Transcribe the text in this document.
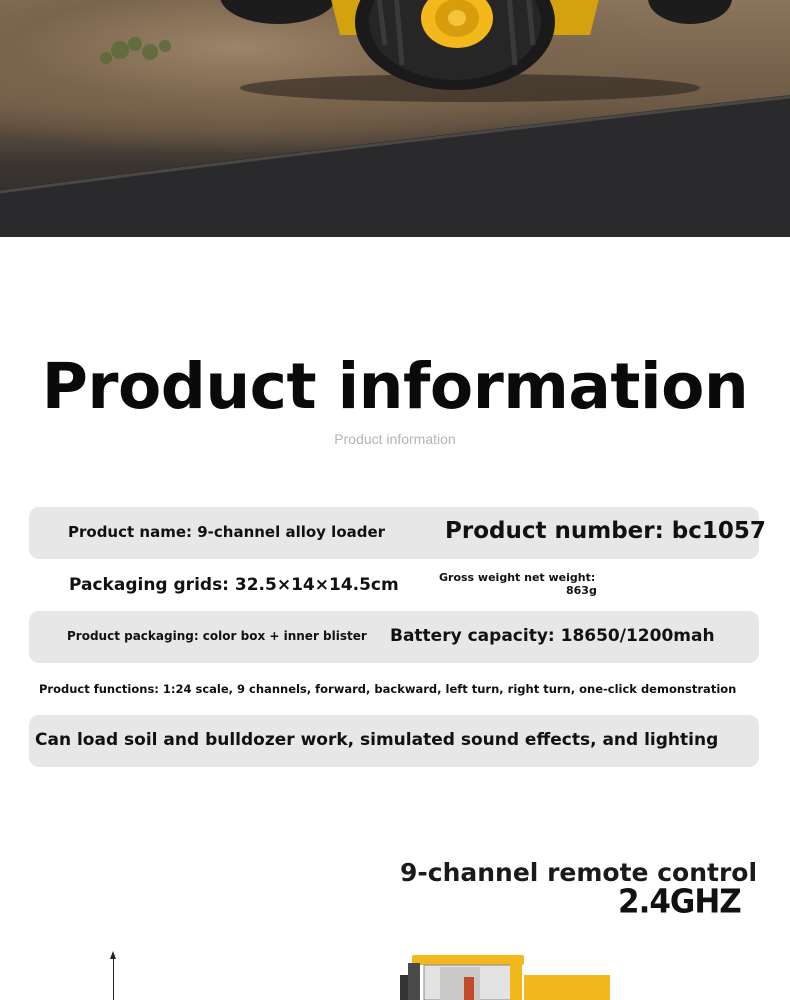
Product information
Product information
Product name: 9-channel alloy loader	Product number: bc1057
Packaging grids: 32.5×14×14.5cm	Gross weight net weight:
863g
Product packaging: color box + inner blister Battery capacity: 18650/1200mah
Product functions: 1:24 scale, 9 channels, forward, backward, left turn, right turn, one-click demonstration
Can load soil and bulldozer work, simulated sound effects, and lighting
9-channel remote control
2.4GHZ
